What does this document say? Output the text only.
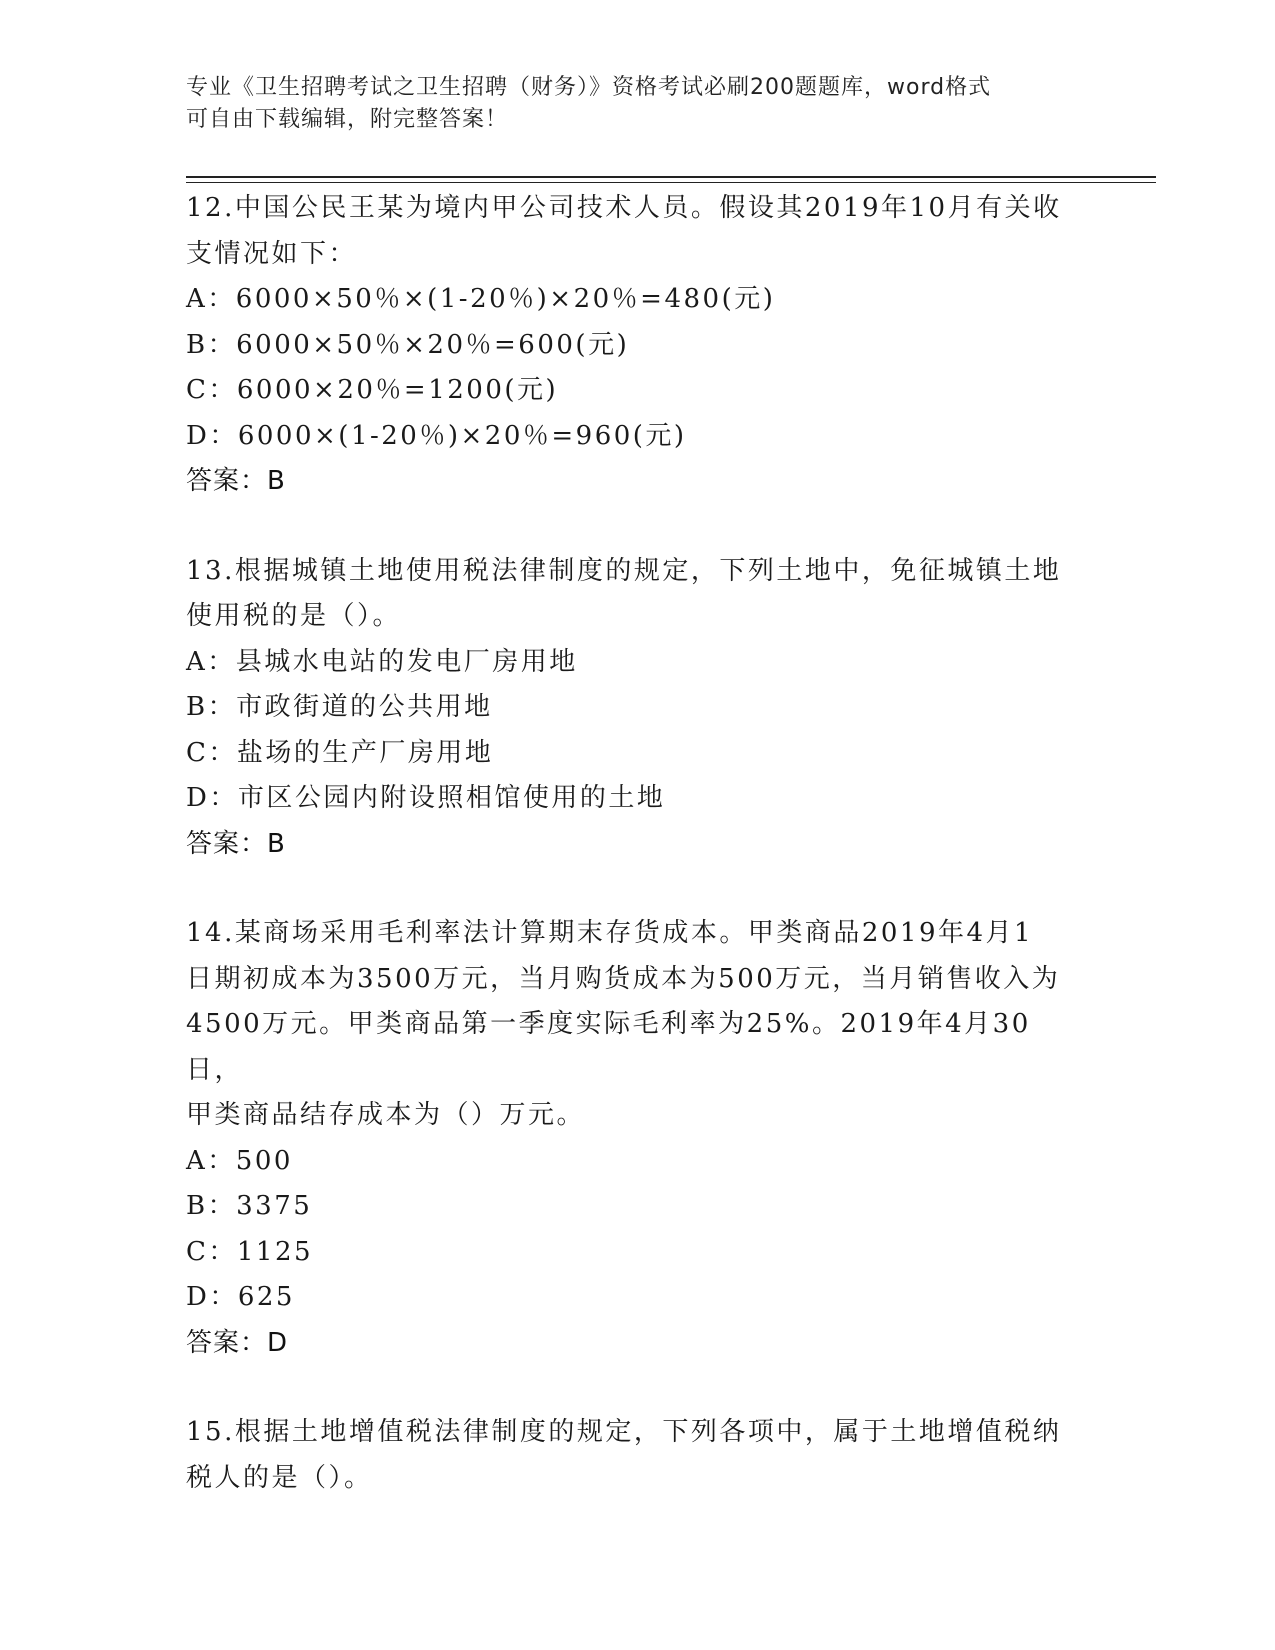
专业《卫生招聘考试之卫生招聘（财务）》资格考试必刷200题题库，word格式
可自由下载编辑，附完整答案！

12.中国公民王某为境内甲公司技术人员。假设其2019年10月有关收

支情况如下：

A：6000×50％×(1-20％)×20％=480(元)

B：6000×50％×20％=600(元)

C：6000×20％=1200(元)

D：6000×(1-20％)×20％=960(元)

答案：B

13.根据城镇土地使用税法律制度的规定，下列土地中，免征城镇土地

使用税的是（）。

A：县城水电站的发电厂房用地

B：市政街道的公共用地

C：盐场的生产厂房用地

D：市区公园内附设照相馆使用的土地

答案：B

14.某商场采用毛利率法计算期末存货成本。甲类商品2019年4月1

日期初成本为3500万元，当月购货成本为500万元，当月销售收入为

4500万元。甲类商品第一季度实际毛利率为25%。2019年4月30日，

甲类商品结存成本为（）万元。

A：500

B：3375

C：1125

D：625

答案：D

15.根据土地增值税法律制度的规定，下列各项中，属于土地增值税纳

税人的是（）。
